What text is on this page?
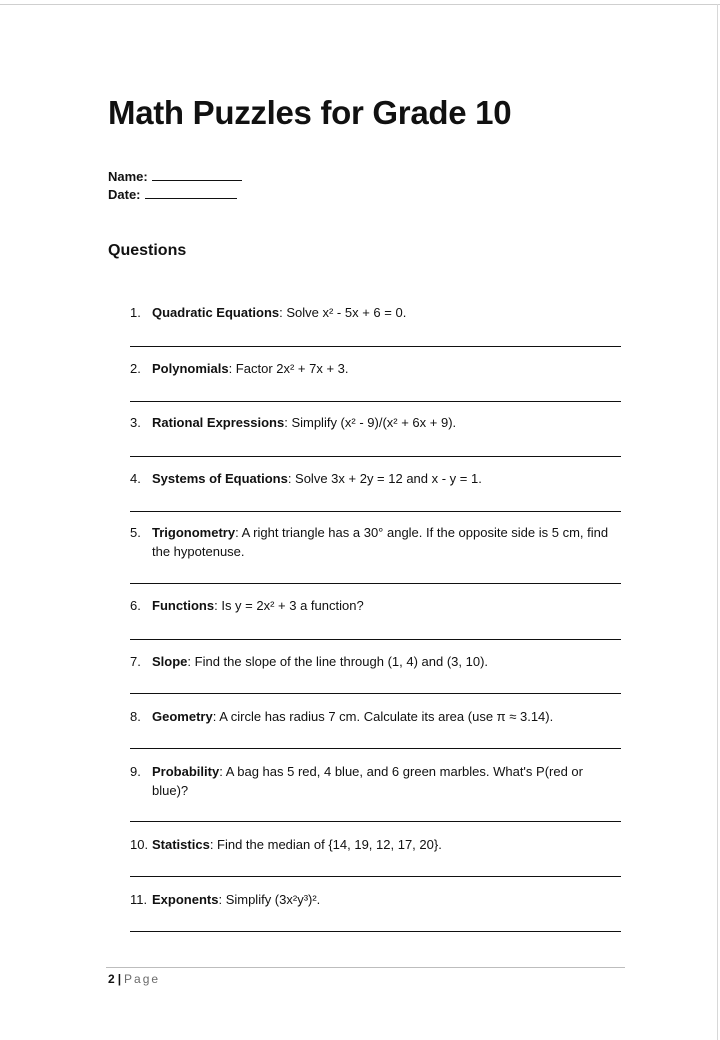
Math Puzzles for Grade 10
Name:
Date:
Questions
1. Quadratic Equations: Solve x² - 5x + 6 = 0.
2. Polynomials: Factor 2x² + 7x + 3.
3. Rational Expressions: Simplify (x² - 9)/(x² + 6x + 9).
4. Systems of Equations: Solve 3x + 2y = 12 and x - y = 1.
5. Trigonometry: A right triangle has a 30° angle. If the opposite side is 5 cm, find the hypotenuse.
6. Functions: Is y = 2x² + 3 a function?
7. Slope: Find the slope of the line through (1, 4) and (3, 10).
8. Geometry: A circle has radius 7 cm. Calculate its area (use π ≈ 3.14).
9. Probability: A bag has 5 red, 4 blue, and 6 green marbles. What's P(red or blue)?
10. Statistics: Find the median of {14, 19, 12, 17, 20}.
11. Exponents: Simplify (3x²y³)².
2 | Page
